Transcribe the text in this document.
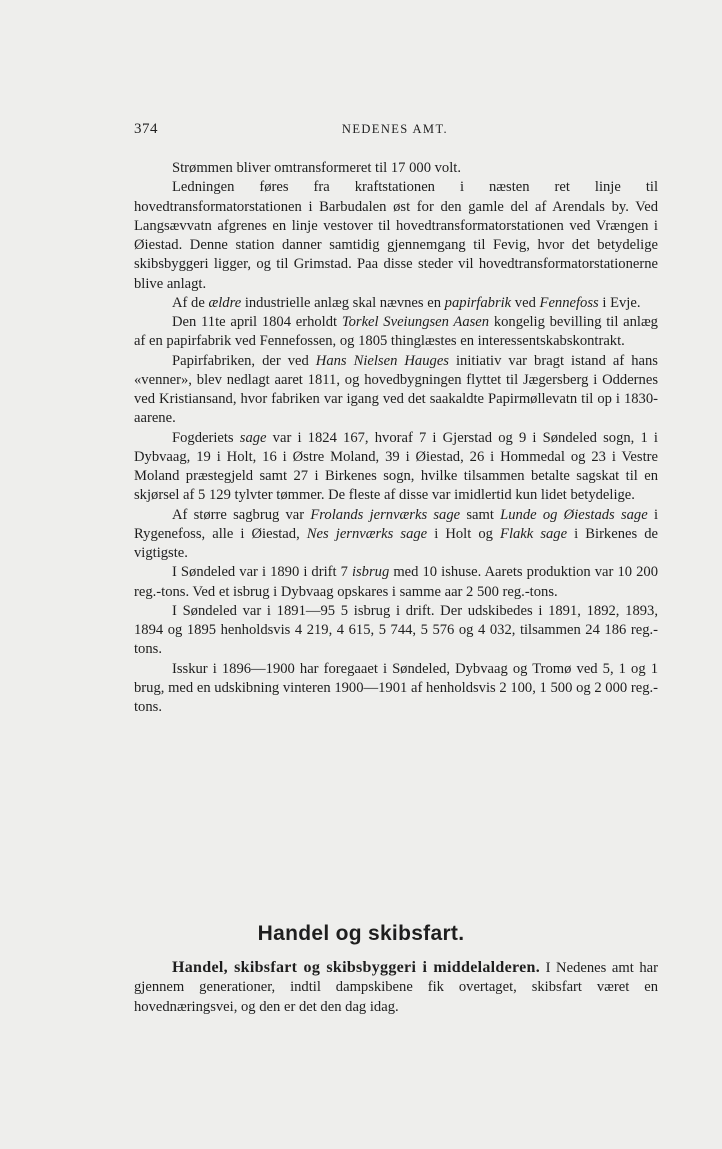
374	NEDENES AMT.

Strømmen bliver omtransformeret til 17 000 volt.

Ledningen føres fra kraftstationen i næsten ret linje til hovedtransformatorstationen i Barbudalen øst for den gamle del af Arendals by. Ved Langsævvatn afgrenes en linje vestover til hovedtransformatorstationen ved Vrængen i Øiestad. Denne station danner samtidig gjennemgang til Fevig, hvor det betydelige skibsbyggeri ligger, og til Grimstad. Paa disse steder vil hovedtransformatorstationerne blive anlagt.

Af de ældre industrielle anlæg skal nævnes en papirfabrik ved Fennefoss i Evje.

Den 11te april 1804 erholdt Torkel Sveiungsen Aasen kongelig bevilling til anlæg af en papirfabrik ved Fennefossen, og 1805 thinglæstes en interessentskabskontrakt.

Papirfabriken, der ved Hans Nielsen Hauges initiativ var bragt istand af hans «venner», blev nedlagt aaret 1811, og hovedbygningen flyttet til Jægersberg i Oddernes ved Kristiansand, hvor fabriken var igang ved det saakaldte Papirmøllevatn til op i 1830-aarene.

Fogderiets sage var i 1824 167, hvoraf 7 i Gjerstad og 9 i Søndeled sogn, 1 i Dybvaag, 19 i Holt, 16 i Østre Moland, 39 i Øiestad, 26 i Hommedal og 23 i Vestre Moland præstegjeld samt 27 i Birkenes sogn, hvilke tilsammen betalte sagskat til en skjørsel af 5 129 tylvter tømmer. De fleste af disse var imidlertid kun lidet betydelige.

Af større sagbrug var Frolands jernværks sage samt Lunde og Øiestads sage i Rygenefoss, alle i Øiestad, Nes jernværks sage i Holt og Flakk sage i Birkenes de vigtigste.

I Søndeled var i 1890 i drift 7 isbrug med 10 ishuse. Aarets produktion var 10 200 reg.-tons. Ved et isbrug i Dybvaag opskares i samme aar 2 500 reg.-tons.

I Søndeled var i 1891—95 5 isbrug i drift. Der udskibedes i 1891, 1892, 1893, 1894 og 1895 henholdsvis 4 219, 4 615, 5 744, 5 576 og 4 032, tilsammen 24 186 reg.-tons.

Isskur i 1896—1900 har foregaaet i Søndeled, Dybvaag og Tromø ved 5, 1 og 1 brug, med en udskibning vinteren 1900—1901 af henholdsvis 2 100, 1 500 og 2 000 reg.-tons.

Handel og skibsfart.

Handel, skibsfart og skibsbyggeri i middelalderen. I Nedenes amt har gjennem generationer, indtil dampskibene fik overtaget, skibsfart været en hovednæringsvei, og den er det den dag idag.
